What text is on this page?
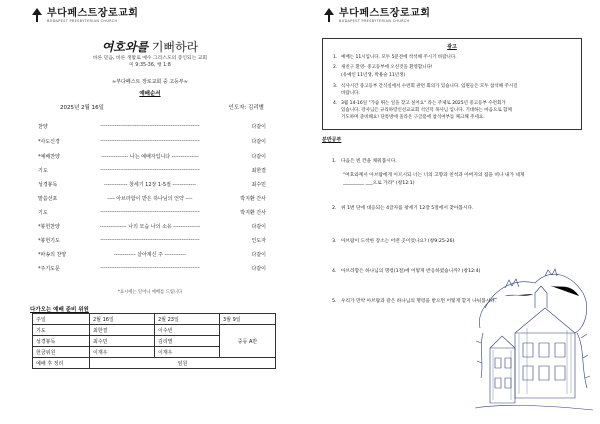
부다페스트장로교회
BUDAPEST PRESBYTERIAN CHURCH
여호와를 기뻐하라
바른 믿음, 바른 생활로 예수 그리스도의 증인되는 교회
미 9:35-36, 행 1:8
≈부다페스트 장로교회 중 고등부≈
예배순서
2025년 2월 16일	인도자: 김리별
찬양	-------------------------------------------------------	다같이
*사도신경	-------------------------------------------------------	다같이
*예배찬양	--------------- 나는 예배자입니다 ---------------	다같이
기도	-------------------------------------------------------	최한결
성경봉독	------------- 창세기 12장 1-5절 -------------	최수민
말씀선포	---- 아브라함이 받은 하나님의 언약 ----	박지환 간사
기도	-------------------------------------------------------	박지환 간사
*봉헌찬양	--------------- 나의 모습 나의 소유 ---------------	다같이
*봉헌기도	-------------------------------------------------------	인도자
*파송의 찬양	------------ 살아계신 주 ------------	다같이
*주기도문	-------------------------------------------------------	다같이
*표시에는 일어나 예배를 드립니다
다가오는 예배 준비 위원
주일	2월 16일	2월 23일	3월 9일
기도	최한결	이수빈	중등 A반
성경봉독	최수민	김리별	
헌금위원	이재우	이재우	
예배 후 정리	임원		
부다페스트장로교회
BUDAPEST PRESBYTERIAN CHURCH
광고
1. 예배는 11시입니다. 모두 5분전에 착석해 주시기 바랍니다.
2. 새친구 환영- 중고등부에 오신것을 환영합니다!
(유예인 11년생, 박용슬 11년생)
3. 식사시간 중고등부 간식실에서 수련회 관련 회의가 있습니다. 임원들은 모두 참석해 주시길
바랍니다.
4. 3월 14-16일 "가슴 뛰는 일을 찾고 싶어요" 라는 주제로 2025년 중고등부 수련회가
있습니다. 강사님은 규리하랑인선교교회 석인덕 목사님 입니다. 기대하는 마음으로 함께
기도하며 준비해요! 단톡방에 올라온 구글폼에 참석여부를 체크해 주세요.
분반공부
1. 다음은 빈 칸을 채워봅시다.
"여호와께서 아브람에게 이르시되 너는 너의 고향과 친척과 아버지의 집을 떠나 내가 네게
_________ ___으로 가라" (창12:1)
2. 위 1번 단에 대응되는 4글자를 창세기 12장 5절에서 찾아봅시다.
3. 아브람이 도착한 장소는 어떤 곳이었나요? (창9:25-26)
4. 아브라함은 하나님의 명령(1절)에 어떻게 반응하였습니까? (창12:4)
5. 우리가 만약 아브람과 같은 하나님의 명령을 받으면 어떻게 할지 나눠봅시다.
